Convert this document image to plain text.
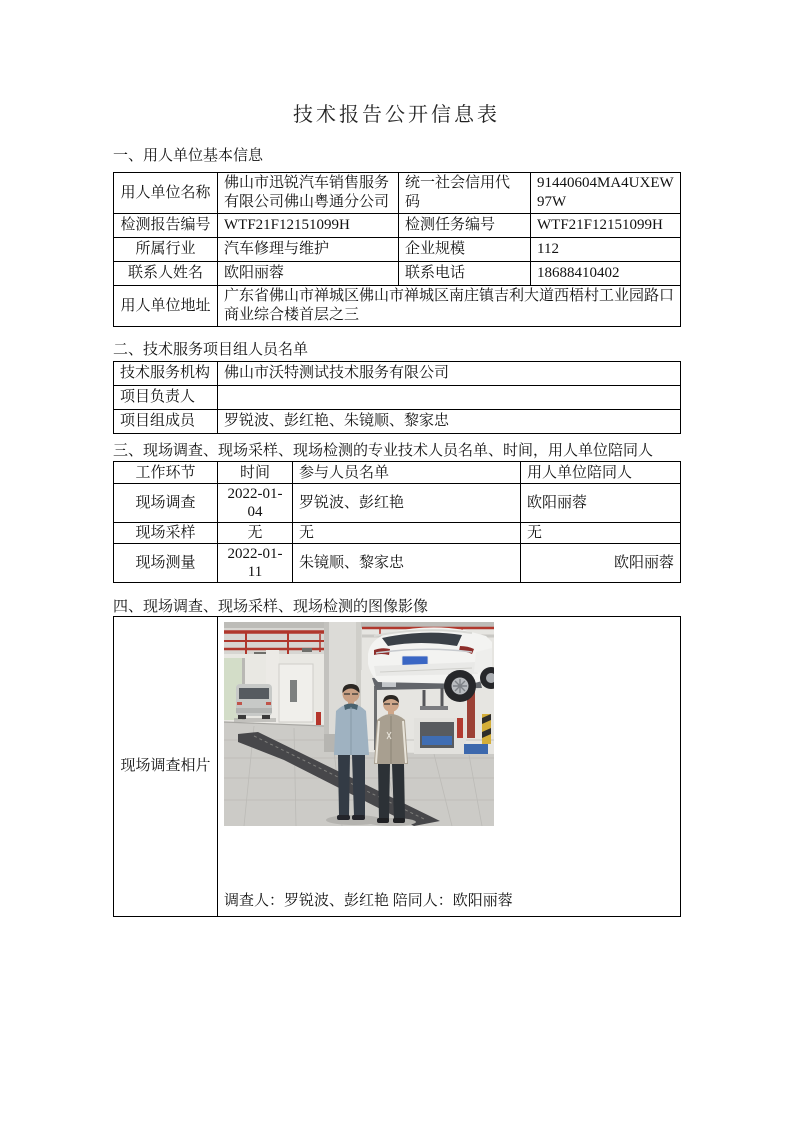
技术报告公开信息表

一、用人单位基本信息

用人单位名称	佛山市迅锐汽车销售服务有限公司佛山粤通分公司	统一社会信用代码	91440604MA4UXEW97W
检测报告编号	WTF21F12151099H	检测任务编号	WTF21F12151099H
所属行业	汽车修理与维护	企业规模	112
联系人姓名	欧阳丽蓉	联系电话	18688410402
用人单位地址	广东省佛山市禅城区佛山市禅城区南庄镇吉利大道西梧村工业园路口商业综合楼首层之三		

二、技术服务项目组人员名单

技术服务机构	佛山市沃特测试技术服务有限公司
项目负责人	
项目组成员	罗锐波、彭红艳、朱镜顺、黎家忠

三、现场调查、现场采样、现场检测的专业技术人员名单、时间，用人单位陪同人

工作环节	时间	参与人员名单	用人单位陪同人
现场调查	2022-01-04	罗锐波、彭红艳	欧阳丽蓉
现场采样	无	无	无
现场测量	2022-01-11	朱镜顺、黎家忠	欧阳丽蓉

四、现场调查、现场采样、现场检测的图像影像

现场调查相片	
调查人：罗锐波、彭红艳 陪同人：欧阳丽蓉
